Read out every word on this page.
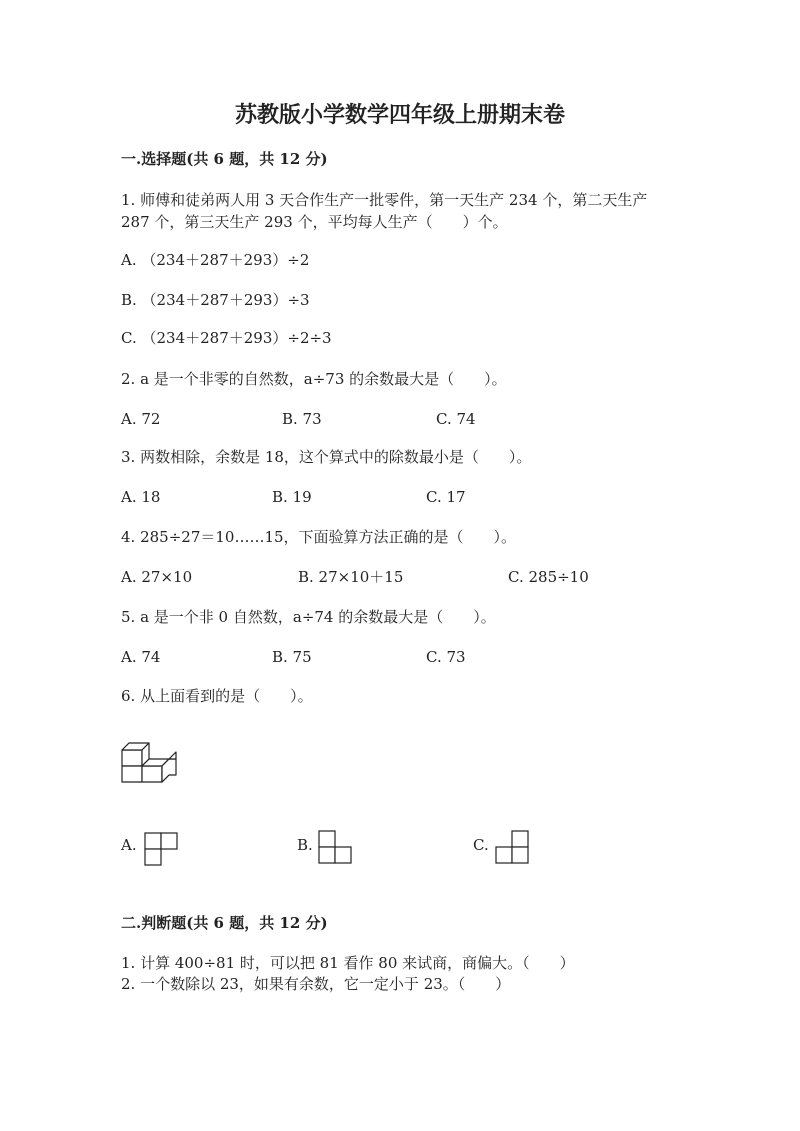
苏教版小学数学四年级上册期末卷
一.选择题(共 6 题，共 12 分)
1. 师傅和徒弟两人用 3 天合作生产一批零件，第一天生产 234 个，第二天生产
287 个，第三天生产 293 个，平均每人生产（　　）个。
A. （234＋287＋293）÷2
B. （234＋287＋293）÷3
C. （234＋287＋293）÷2÷3
2. a 是一个非零的自然数，a÷73 的余数最大是（　　）。
A. 72	B. 73	C. 74
3. 两数相除，余数是 18，这个算式中的除数最小是（　　）。
A. 18	B. 19	C. 17
4. 285÷27＝10……15，下面验算方法正确的是（　　）。
A. 27×10	B. 27×10＋15	C. 285÷10
5. a 是一个非 0 自然数，a÷74 的余数最大是（　　）。
A. 74	B. 75	C. 73
6. 从上面看到的是（　　）。
A.	B.	C.
二.判断题(共 6 题，共 12 分)
1. 计算 400÷81 时，可以把 81 看作 80 来试商，商偏大。（　　）
2. 一个数除以 23，如果有余数，它一定小于 23。（　　）
